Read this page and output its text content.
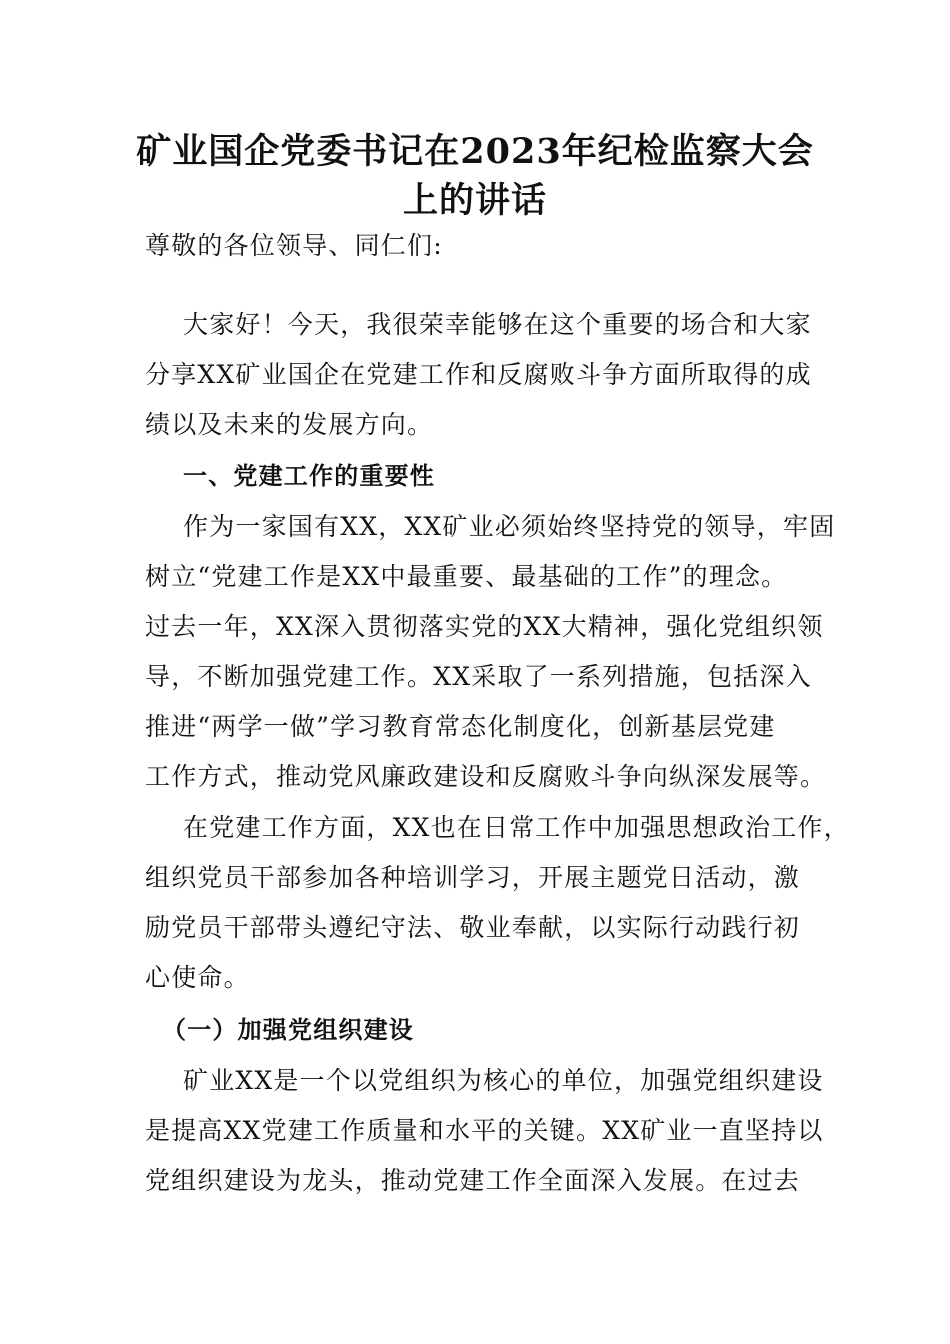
矿业国企党委书记在2023年纪检监察大会
上的讲话

尊敬的各位领导、同仁们:

大家好！今天，我很荣幸能够在这个重要的场合和大家

分享XX矿业国企在党建工作和反腐败斗争方面所取得的成

绩以及未来的发展方向。

一、党建工作的重要性

作为一家国有XX，XX矿业必须始终坚持党的领导，牢固

树立“党建工作是XX中最重要、最基础的工作”的理念。

过去一年，XX深入贯彻落实党的XX大精神，强化党组织领

导，不断加强党建工作。XX采取了一系列措施，包括深入

推进“两学一做”学习教育常态化制度化，创新基层党建

工作方式，推动党风廉政建设和反腐败斗争向纵深发展等。

在党建工作方面，XX也在日常工作中加强思想政治工作，

组织党员干部参加各种培训学习，开展主题党日活动，激

励党员干部带头遵纪守法、敬业奉献，以实际行动践行初

心使命。

（一）加强党组织建设

矿业XX是一个以党组织为核心的单位，加强党组织建设

是提高XX党建工作质量和水平的关键。XX矿业一直坚持以

党组织建设为龙头，推动党建工作全面深入发展。在过去
